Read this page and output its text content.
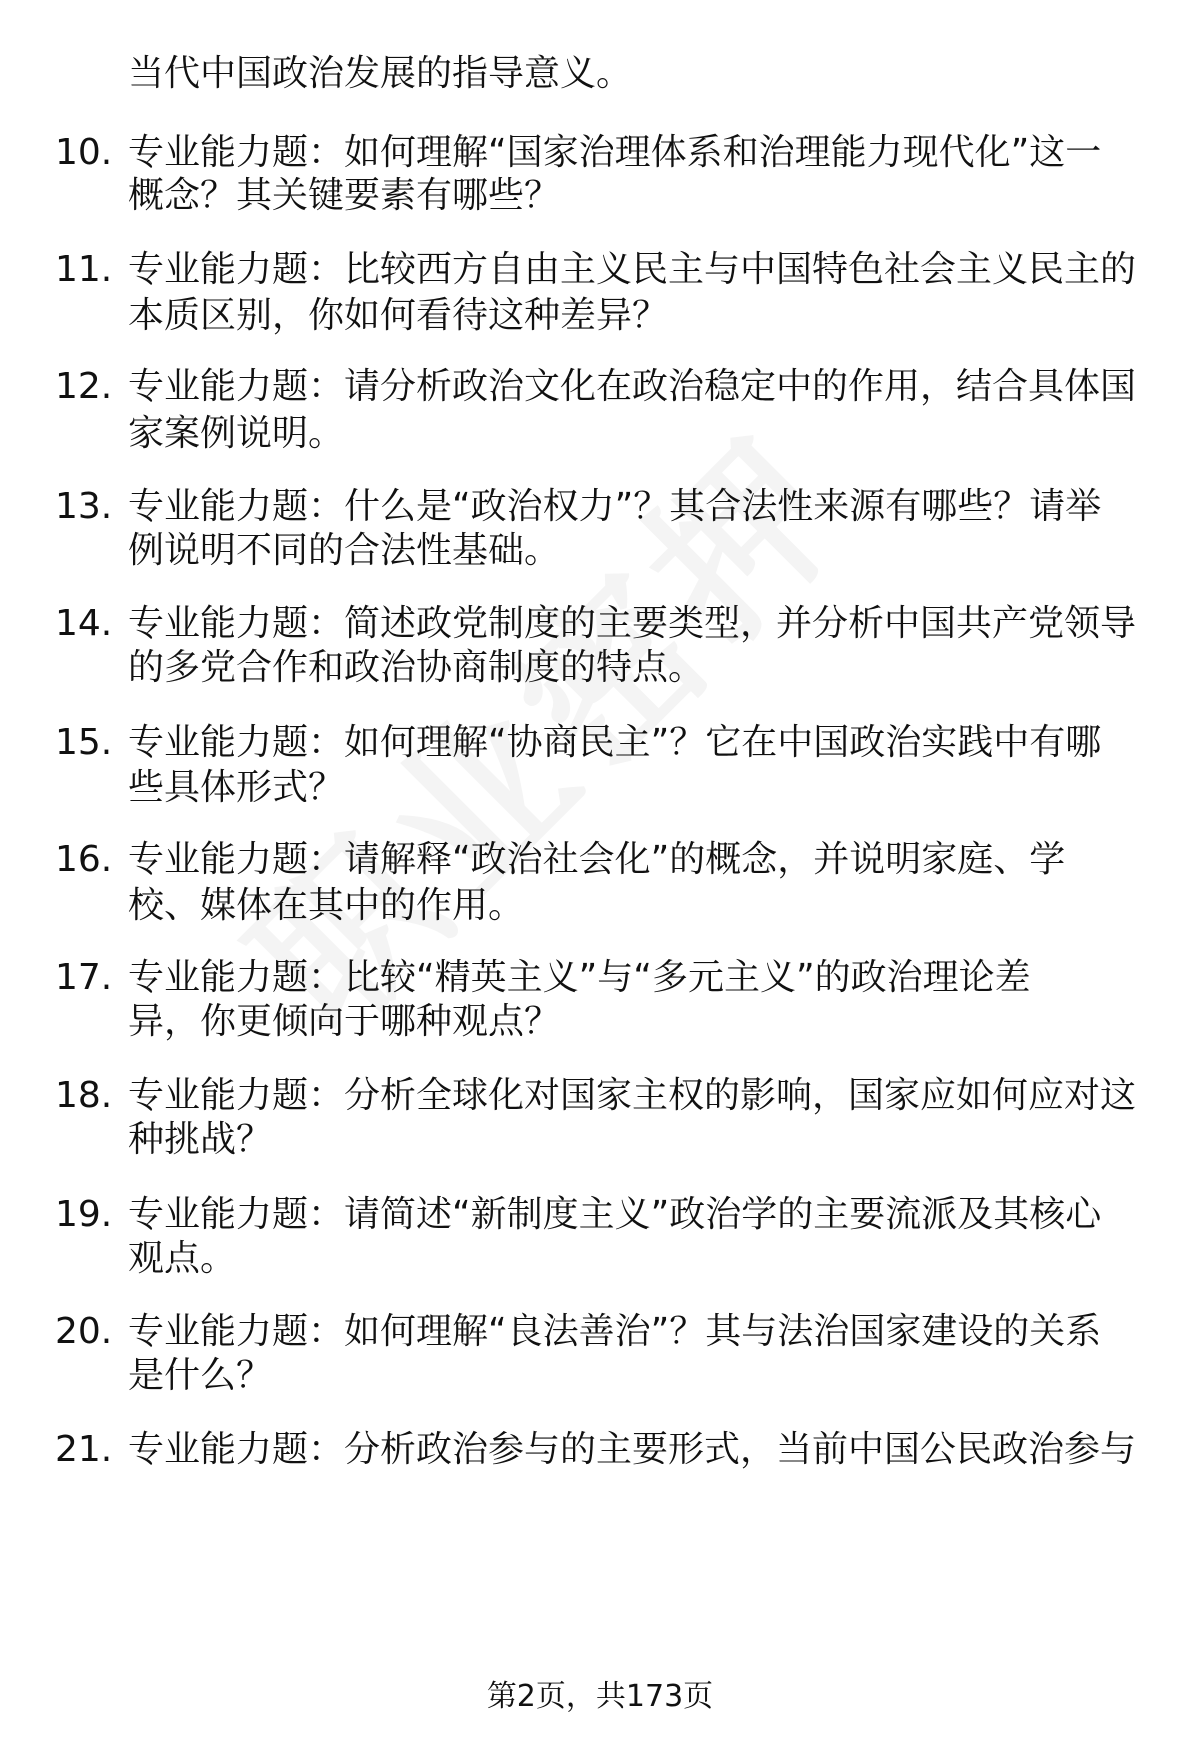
当代中国政治发展的指导意义。
10. 专业能力题：如何理解“国家治理体系和治理能力现代化”这一
概念？其关键要素有哪些？
11. 专业能力题：比较西方自由主义民主与中国特色社会主义民主的
本质区别，你如何看待这种差异？
12. 专业能力题：请分析政治文化在政治稳定中的作用，结合具体国
家案例说明。
13. 专业能力题：什么是“政治权力”？其合法性来源有哪些？请举
例说明不同的合法性基础。
14. 专业能力题：简述政党制度的主要类型，并分析中国共产党领导
的多党合作和政治协商制度的特点。
15. 专业能力题：如何理解“协商民主”？它在中国政治实践中有哪
些具体形式？
16. 专业能力题：请解释“政治社会化”的概念，并说明家庭、学
校、媒体在其中的作用。
17. 专业能力题：比较“精英主义”与“多元主义”的政治理论差
异，你更倾向于哪种观点？
18. 专业能力题：分析全球化对国家主权的影响，国家应如何应对这
种挑战？
19. 专业能力题：请简述“新制度主义”政治学的主要流派及其核心
观点。
20. 专业能力题：如何理解“良法善治”？其与法治国家建设的关系
是什么？
21. 专业能力题：分析政治参与的主要形式，当前中国公民政治参与
第2页，共173页
